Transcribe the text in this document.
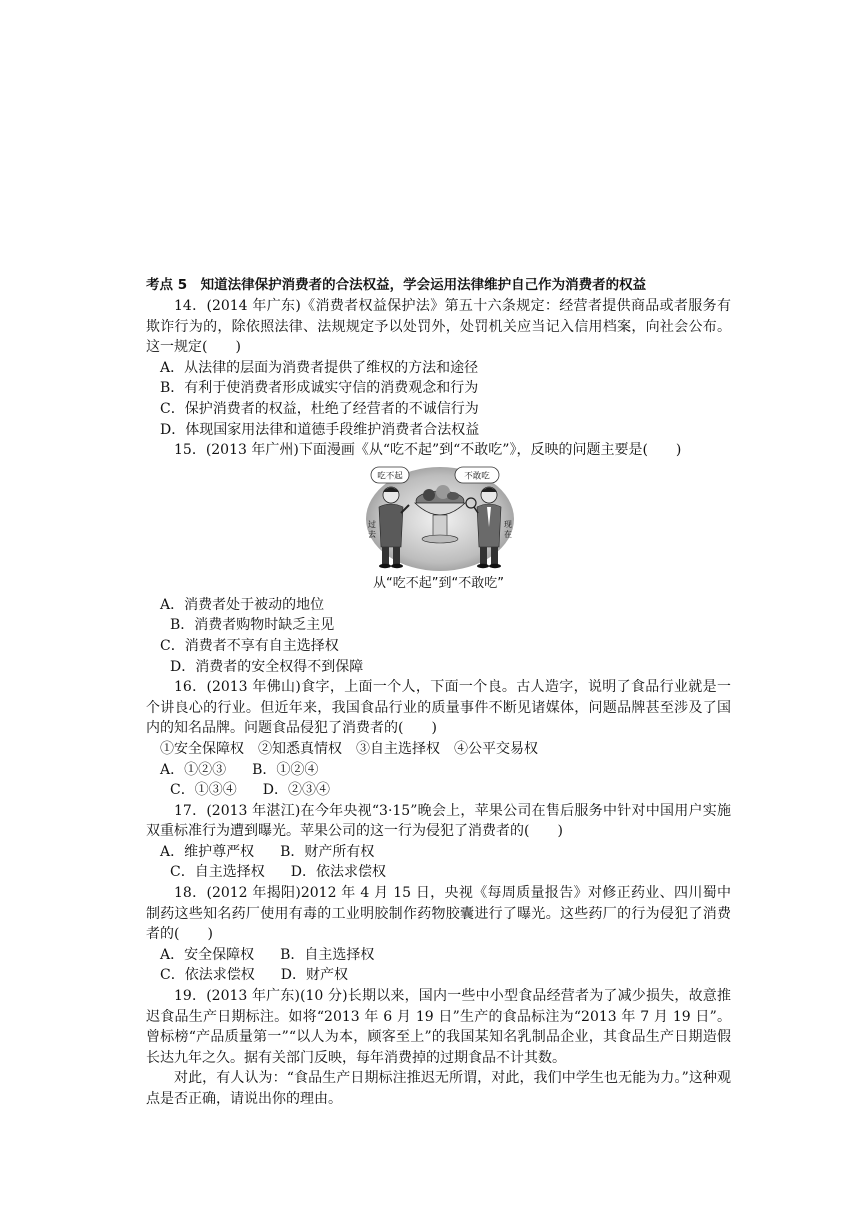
考点 5　知道法律保护消费者的合法权益，学会运用法律维护自己作为消费者的权益
14．(2014 年广东)《消费者权益保护法》第五十六条规定：经营者提供商品或者服务有欺诈行为的，除依照法律、法规规定予以处罚外，处罚机关应当记入信用档案，向社会公布。这一规定(　　)
A．从法律的层面为消费者提供了维权的方法和途径
B．有利于使消费者形成诚实守信的消费观念和行为
C．保护消费者的权益，杜绝了经营者的不诚信行为
D．体现国家用法律和道德手段维护消费者合法权益
15．(2013 年广州)下面漫画《从“吃不起”到“不敢吃”》，反映的问题主要是(　　)
吃不起	不敢吃
过
去
现
在
从“吃不起”到“不敢吃”
A．消费者处于被动的地位
B．消费者购物时缺乏主见
C．消费者不享有自主选择权
D．消费者的安全权得不到保障
16．(2013 年佛山)食字，上面一个人，下面一个良。古人造字，说明了食品行业就是一个讲良心的行业。但近年来，我国食品行业的质量事件不断见诸媒体，问题品牌甚至涉及了国内的知名品牌。问题食品侵犯了消费者的(　　)
①安全保障权　②知悉真情权　③自主选择权　④公平交易权
A．①②③ B．①②④
C．①③④ D．②③④
17．(2013 年湛江)在今年央视“3·15”晚会上，苹果公司在售后服务中针对中国用户实施双重标准行为遭到曝光。苹果公司的这一行为侵犯了消费者的(　　)
A．维护尊严权 B．财产所有权
C．自主选择权 D．依法求偿权
18．(2012 年揭阳)2012 年 4 月 15 日，央视《每周质量报告》对修正药业、四川蜀中制药这些知名药厂使用有毒的工业明胶制作药物胶囊进行了曝光。这些药厂的行为侵犯了消费者的(　　)
A．安全保障权 B．自主选择权
C．依法求偿权 D．财产权
19．(2013 年广东)(10 分)长期以来，国内一些中小型食品经营者为了减少损失，故意推迟食品生产日期标注。如将“2013 年 6 月 19 日”生产的食品标注为“2013 年 7 月 19 日”。曾标榜“产品质量第一”“以人为本，顾客至上”的我国某知名乳制品企业，其食品生产日期造假长达九年之久。据有关部门反映，每年消费掉的过期食品不计其数。
对此，有人认为：“食品生产日期标注推迟无所谓，对此，我们中学生也无能为力。”这种观点是否正确，请说出你的理由。
